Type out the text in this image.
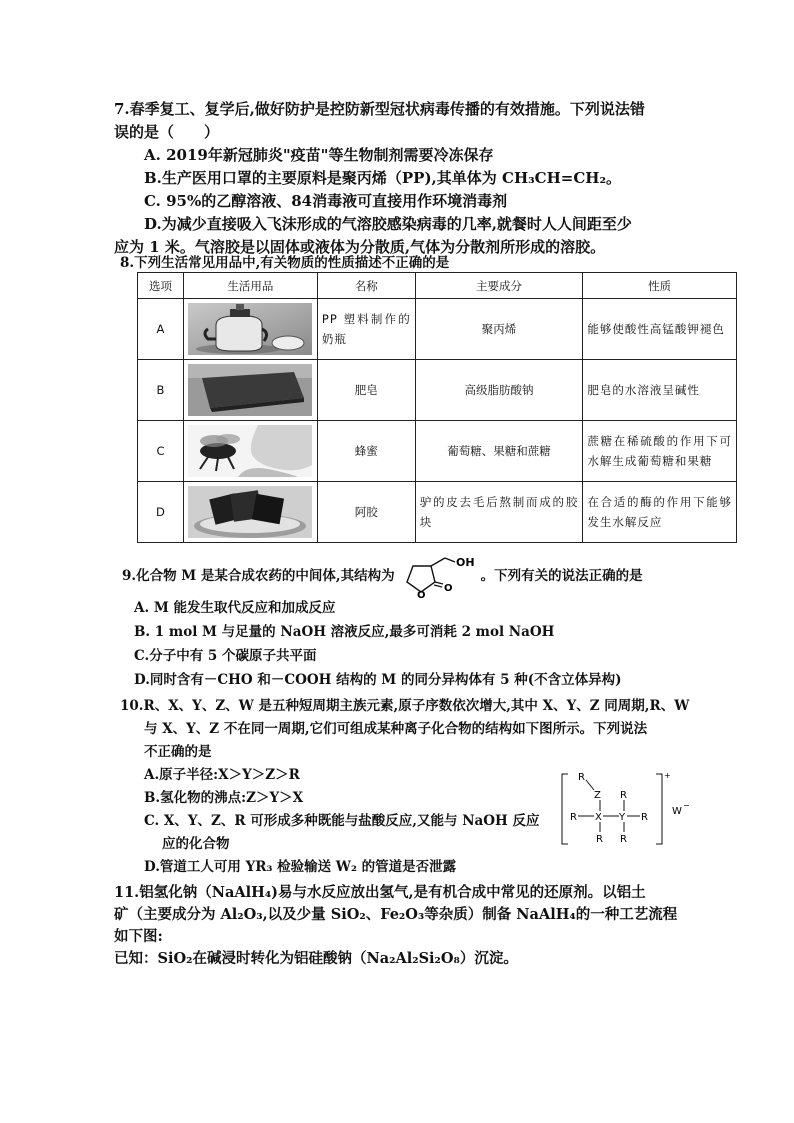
7.春季复工、复学后,做好防护是控防新型冠状病毒传播的有效措施。下列说法错
误的是（　　）
A. 2019年新冠肺炎"疫苗"等生物制剂需要冷冻保存
B.生产医用口罩的主要原料是聚丙烯（PP),其单体为 CH₃CH=CH₂。
C. 95%的乙醇溶液、84消毒液可直接用作环境消毒剂
D.为减少直接吸入飞沫形成的气溶胶感染病毒的几率,就餐时人人间距至少
应为 1 米。气溶胶是以固体或液体为分散质,气体为分散剂所形成的溶胶。
8.下列生活常见用品中,有关物质的性质描述不正确的是
选项	生活用品	名称	主要成分	性质
A		PP 塑料制作的奶瓶	聚丙烯	能够使酸性高锰酸钾褪色
B		肥皂	高级脂肪酸钠	肥皂的水溶液呈碱性
C		蜂蜜	葡萄糖、果糖和蔗糖	蔗糖在稀硫酸的作用下可水解生成葡萄糖和果糖
D		阿胶	驴的皮去毛后熬制而成的胶块	在合适的酶的作用下能够发生水解反应
9.化合物 M 是某合成农药的中间体,其结构为
OH
O
O
。下列有关的说法正确的是
A. M 能发生取代反应和加成反应
B. 1 mol M 与足量的 NaOH 溶液反应,最多可消耗 2 mol NaOH
C.分子中有 5 个碳原子共平面
D.同时含有－CHO 和－COOH 结构的 M 的同分异构体有 5 种(不含立体异构)
10.R、X、Y、Z、W 是五种短周期主族元素,原子序数依次增大,其中 X、Y、Z 同周期,R、W
与 X、Y、Z 不在同一周期,它们可组成某种离子化合物的结构如下图所示。下列说法
不正确的是
A.原子半径:X＞Y＞Z＞R
B.氢化物的沸点:Z＞Y＞X
C. X、Y、Z、R 可形成多种既能与盐酸反应,又能与 NaOH 反应
应的化合物
D.管道工人可用 YR₃ 检验输送 W₂ 的管道是否泄露
+
R
Z R
R X Y R
R R
W
−
11.铝氢化钠（NaAlH₄)易与水反应放出氢气,是有机合成中常见的还原剂。以铝土
矿（主要成分为 Al₂O₃,以及少量 SiO₂、Fe₂O₃等杂质）制备 NaAlH₄的一种工艺流程
如下图:
已知：SiO₂在碱浸时转化为铝硅酸钠（Na₂Al₂Si₂O₈）沉淀。
